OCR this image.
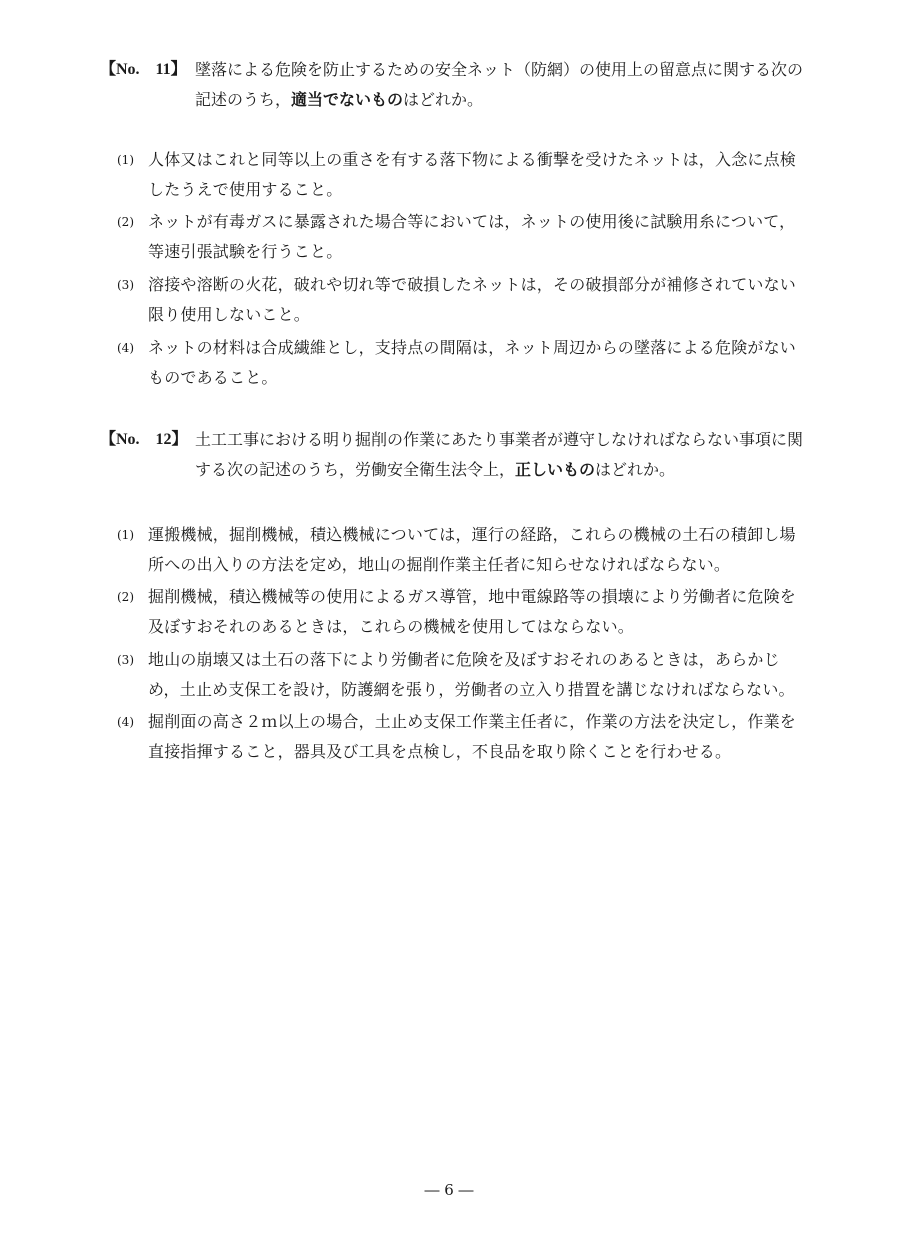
【No.　11】 墜落による危険を防止するための安全ネット（防網）の使用上の留意点に関する次の記述のうち，適当でないものはどれか。
(1) 人体又はこれと同等以上の重さを有する落下物による衝撃を受けたネットは，入念に点検したうえで使用すること。
(2) ネットが有毒ガスに暴露された場合等においては，ネットの使用後に試験用糸について，等速引張試験を行うこと。
(3) 溶接や溶断の火花，破れや切れ等で破損したネットは，その破損部分が補修されていない限り使用しないこと。
(4) ネットの材料は合成繊維とし，支持点の間隔は，ネット周辺からの墜落による危険がないものであること。
【No.　12】 土工工事における明り掘削の作業にあたり事業者が遵守しなければならない事項に関する次の記述のうち，労働安全衛生法令上，正しいものはどれか。
(1) 運搬機械，掘削機械，積込機械については，運行の経路，これらの機械の土石の積卸し場所への出入りの方法を定め，地山の掘削作業主任者に知らせなければならない。
(2) 掘削機械，積込機械等の使用によるガス導管，地中電線路等の損壊により労働者に危険を及ぼすおそれのあるときは，これらの機械を使用してはならない。
(3) 地山の崩壊又は土石の落下により労働者に危険を及ぼすおそれのあるときは，あらかじめ，土止め支保工を設け，防護網を張り，労働者の立入り措置を講じなければならない。
(4) 掘削面の高さ２ｍ以上の場合，土止め支保工作業主任者に，作業の方法を決定し，作業を直接指揮すること，器具及び工具を点検し，不良品を取り除くことを行わせる。
― 6 ―
